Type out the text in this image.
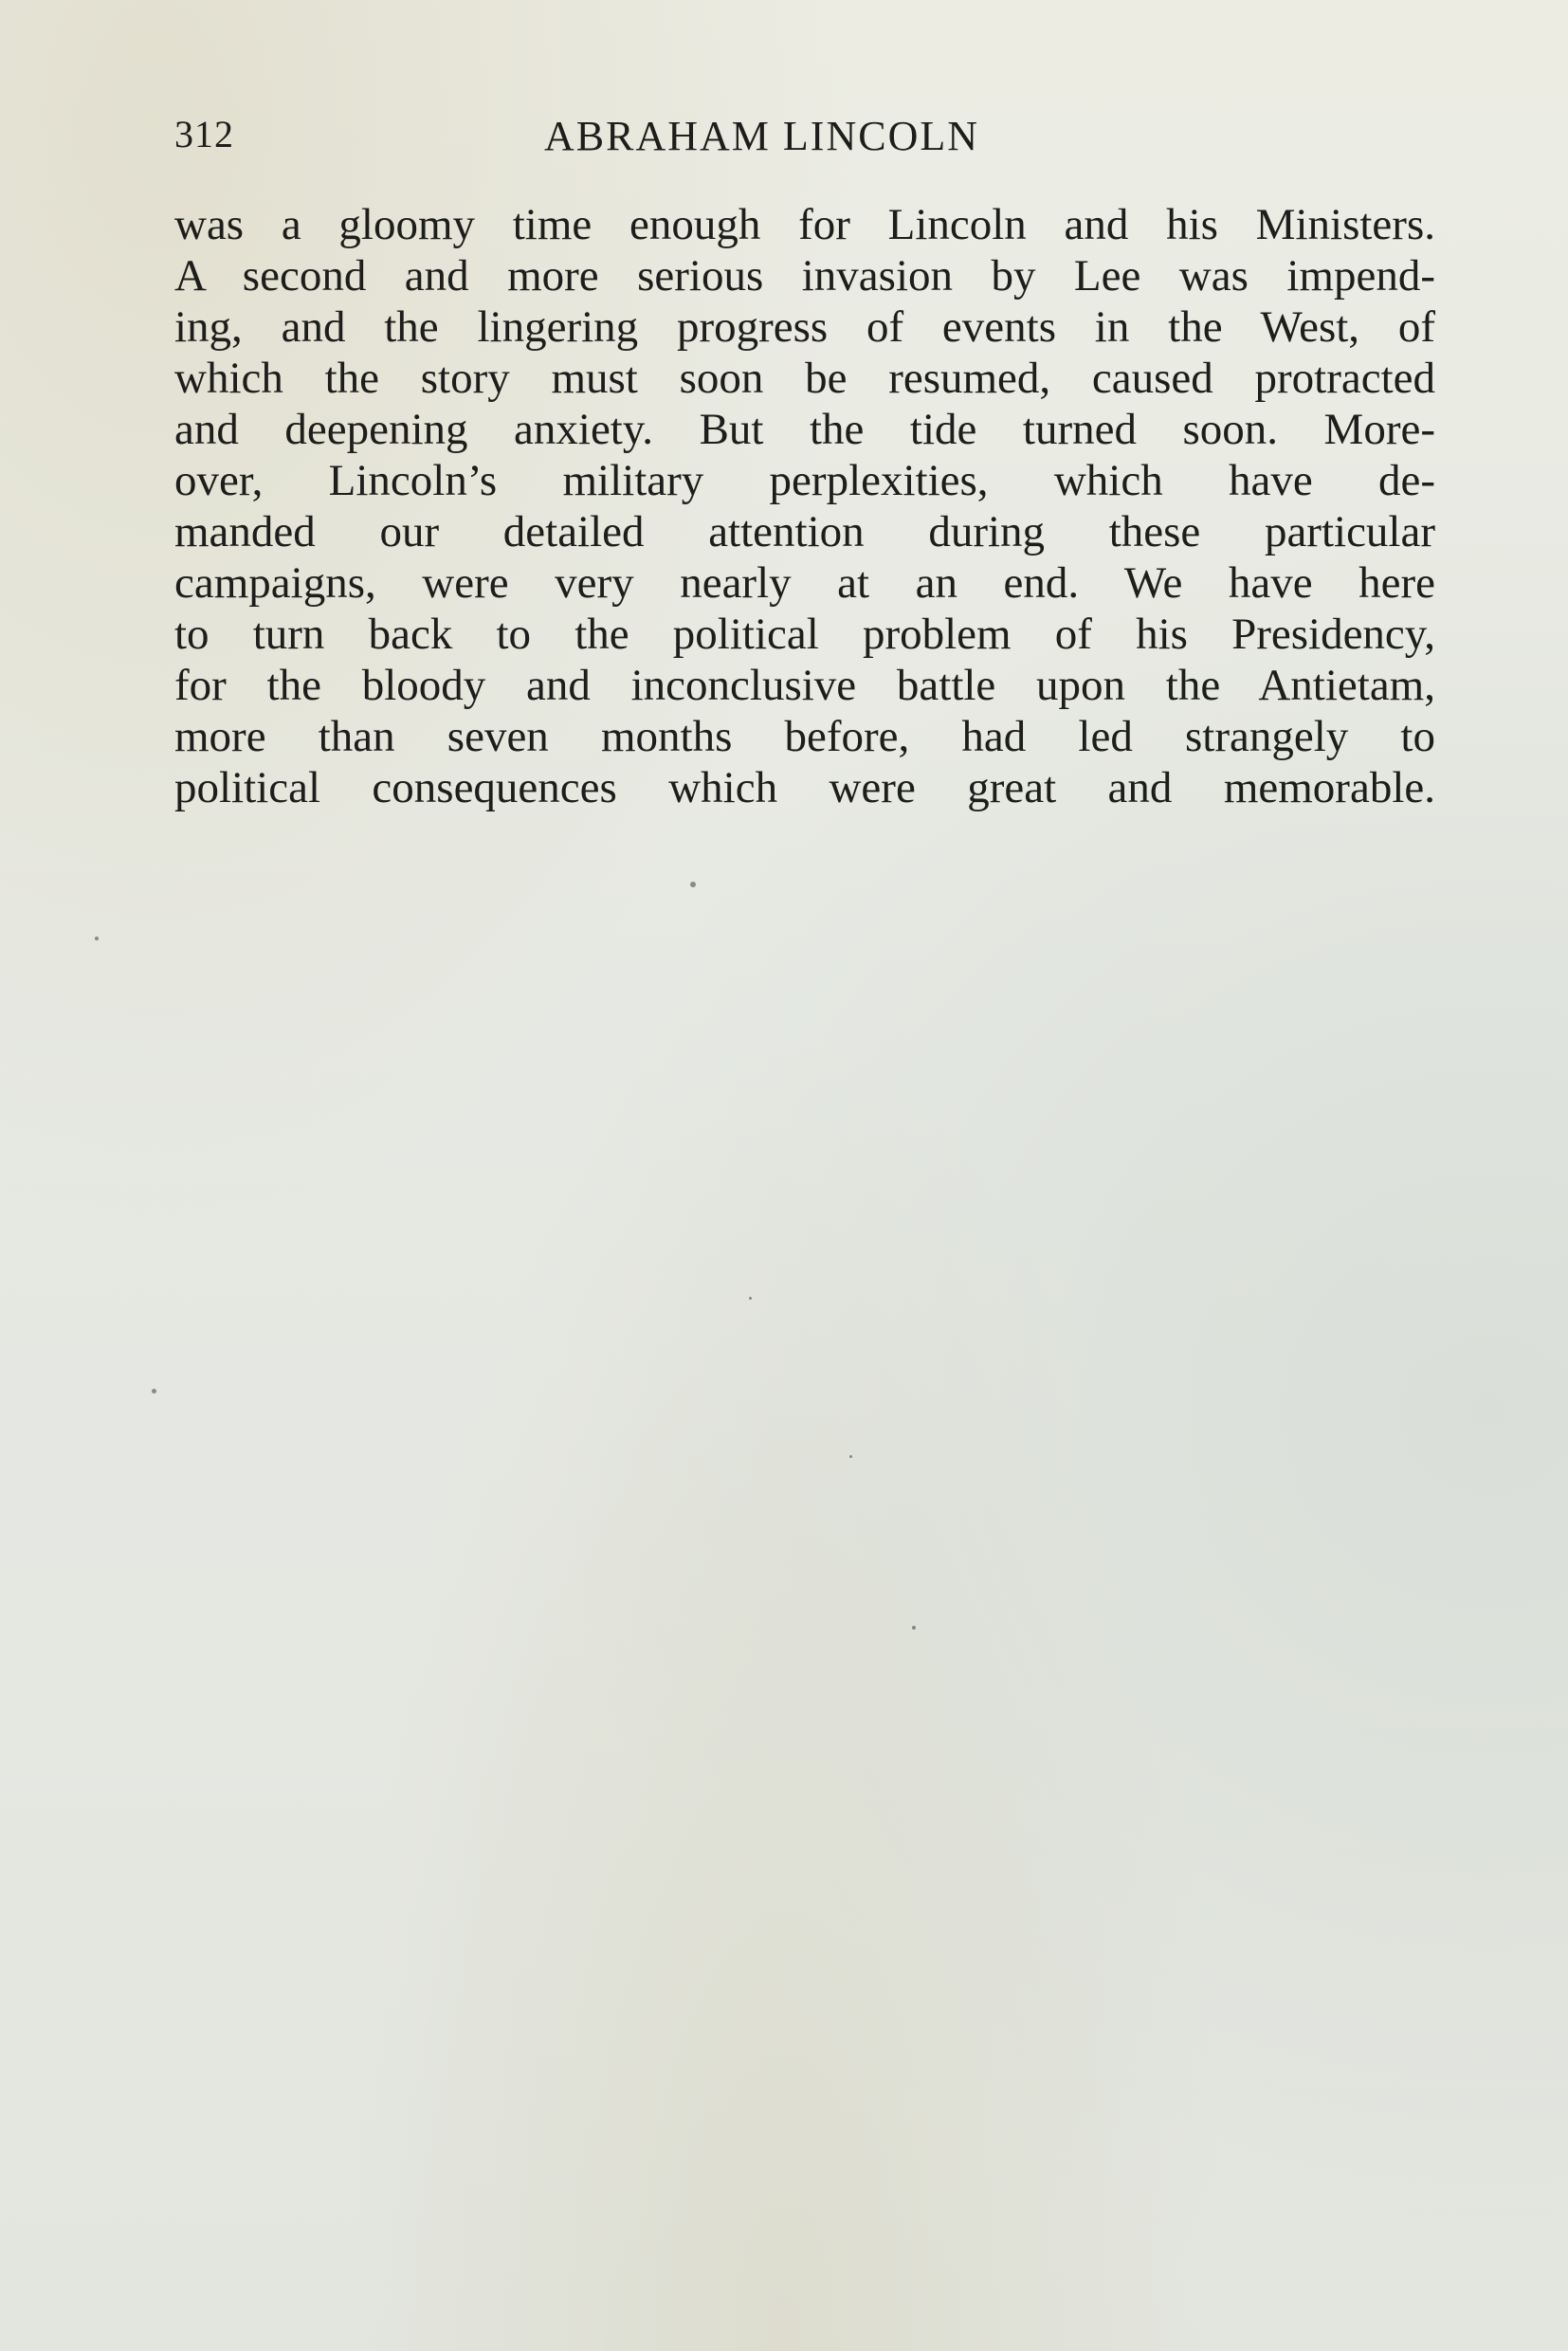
312	ABRAHAM LINCOLN
was a gloomy time enough for Lincoln and his Ministers.
A second and more serious invasion by Lee was impend-
ing, and the lingering progress of events in the West, of
which the story must soon be resumed, caused protracted
and deepening anxiety. But the tide turned soon. More-
over, Lincoln’s military perplexities, which have de-
manded our detailed attention during these particular
campaigns, were very nearly at an end. We have here
to turn back to the political problem of his Presidency,
for the bloody and inconclusive battle upon the Antietam,
more than seven months before, had led strangely to
political consequences which were great and memorable.
